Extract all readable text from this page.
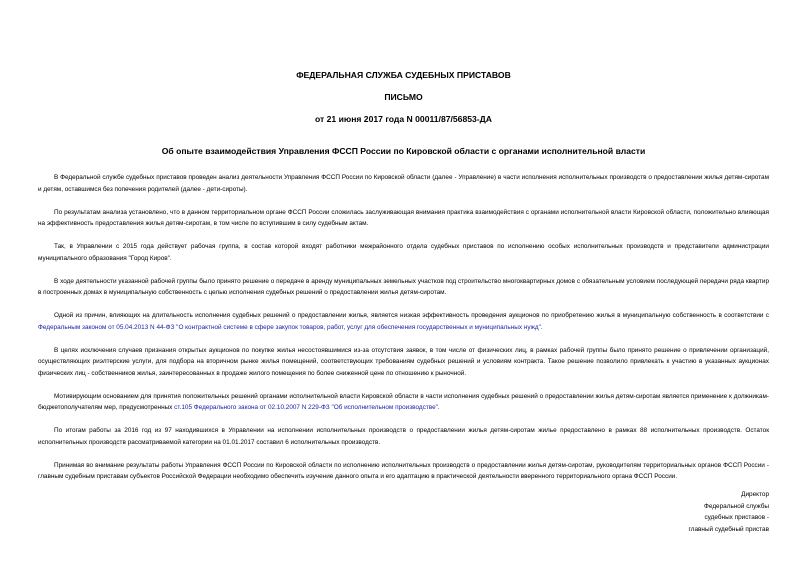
ФЕДЕРАЛЬНАЯ СЛУЖБА СУДЕБНЫХ ПРИСТАВОВ
ПИСЬМО
от 21 июня 2017 года N 00011/87/56853-ДА
Об опыте взаимодействия Управления ФССП России по Кировской области с органами исполнительной власти

В Федеральной службе судебных приставов проведен анализ деятельности Управления ФССП России по Кировской области (далее - Управление) в части исполнения исполнительных производств о предоставлении жилья детям-сиротам и детям, оставшимся без попечения родителей (далее - дети-сироты).

По результатам анализа установлено, что в данном территориальном органе ФССП России сложилась заслуживающая внимания практика взаимодействия с органами исполнительной власти Кировской области, положительно влияющая на эффективность предоставления жилья детям-сиротам, в том числе по вступившим в силу судебным актам.

Так, в Управлении с 2015 года действует рабочая группа, в состав которой входят работники межрайонного отдела судебных приставов по исполнению особых исполнительных производств и представители администрации муниципального образования "Город Киров".

В ходе деятельности указанной рабочей группы было принято решение о передаче в аренду муниципальных земельных участков под строительство многоквартирных домов с обязательным условием последующей передачи ряда квартир в построенных домах в муниципальную собственность с целью исполнения судебных решений о предоставлении жилья детям-сиротам.

Одной из причин, влияющих на длительность исполнения судебных решений о предоставлении жилья, является низкая эффективность проведения аукционов по приобретению жилья в муниципальную собственность в соответствии с Федеральным законом от 05.04.2013 N 44-ФЗ "О контрактной системе в сфере закупок товаров, работ, услуг для обеспечения государственных и муниципальных нужд".

В целях исключения случаев признания открытых аукционов по покупке жилья несостоявшимися из-за отсутствия заявок, в том числе от физических лиц, в рамках рабочей группы было принято решение о привлечении организаций, осуществляющих риэлтерские услуги, для подбора на вторичном рынке жилья помещений, соответствующих требованиям судебных решений и условиям контракта. Такое решение позволило привлекать к участию в указанных аукционах физических лиц - собственников жилья, заинтересованных в продаже жилого помещения по более сниженной цене по отношению к рыночной.

Мотивирующим основанием для принятия положительных решений органами исполнительной власти Кировской области в части исполнения судебных решений о предоставлении жилья детям-сиротам является применение к должникам-бюджетополучателям мер, предусмотренных ст.105 Федерального закона от 02.10.2007 N 229-ФЗ "Об исполнительном производстве".

По итогам работы за 2016 год из 97 находившихся в Управлении на исполнении исполнительных производств о предоставлении жилья детям-сиротам жилье предоставлено в рамках 88 исполнительных производств. Остаток исполнительных производств рассматриваемой категории на 01.01.2017 составил 6 исполнительных производств.

Принимая во внимание результаты работы Управления ФССП России по Кировской области по исполнению исполнительных производств о предоставлении жилья детям-сиротам, руководителям территориальных органов ФССП России - главным судебным приставам субъектов Российской Федерации необходимо обеспечить изучение данного опыта и его адаптацию в практической деятельности вверенного территориального органа ФССП России.

Директор
Федеральной службы
судебных приставов -
главный судебный пристав
